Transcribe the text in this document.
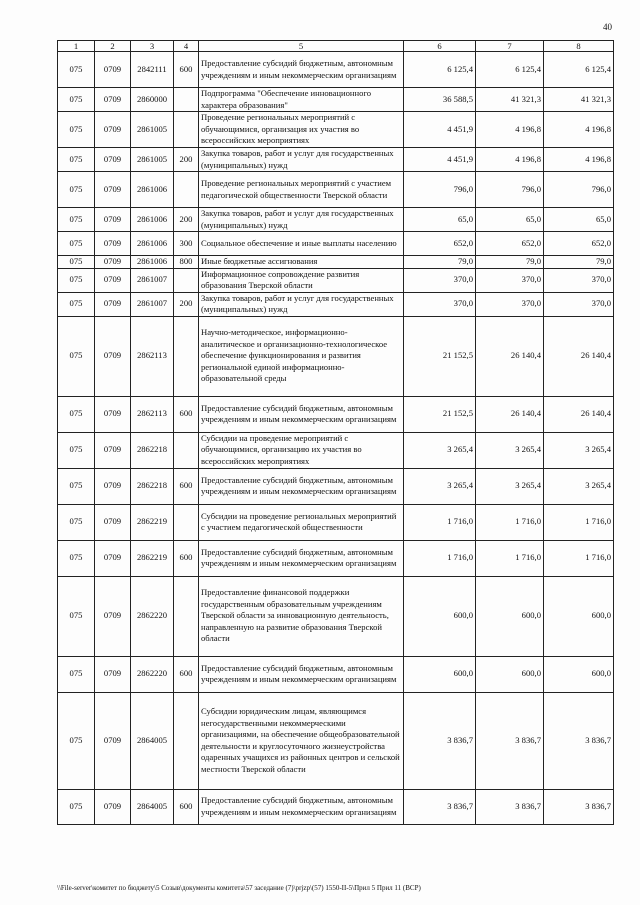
40
1	2	3	4	5	6	7	8
075	0709	2842111	600	Предоставление субсидий бюджетным, автономным учреждениям и иным некоммерческим организациям	6 125,4	6 125,4	6 125,4
075	0709	2860000		Подпрограмма "Обеспечение инновационного характера образования"	36 588,5	41 321,3	41 321,3
075	0709	2861005		Проведение региональных мероприятий с обучающимися, организация их участия во всероссийских мероприятиях	4 451,9	4 196,8	4 196,8
075	0709	2861005	200	Закупка товаров, работ и услуг для государственных (муниципальных) нужд	4 451,9	4 196,8	4 196,8
075	0709	2861006		Проведение региональных мероприятий с участием педагогической общественности Тверской области	796,0	796,0	796,0
075	0709	2861006	200	Закупка товаров, работ и услуг для государственных (муниципальных) нужд	65,0	65,0	65,0
075	0709	2861006	300	Социальное обеспечение и иные выплаты населению	652,0	652,0	652,0
075	0709	2861006	800	Иные бюджетные ассигнования	79,0	79,0	79,0
075	0709	2861007		Информационное сопровождение развития образования Тверской области	370,0	370,0	370,0
075	0709	2861007	200	Закупка товаров, работ и услуг для государственных (муниципальных) нужд	370,0	370,0	370,0
075	0709	2862113		Научно-методическое, информационно-аналитическое и организационно-технологическое обеспечение функционирования и развития региональной единой информационно-образовательной среды	21 152,5	26 140,4	26 140,4
075	0709	2862113	600	Предоставление субсидий бюджетным, автономным учреждениям и иным некоммерческим организациям	21 152,5	26 140,4	26 140,4
075	0709	2862218		Субсидии на проведение мероприятий с обучающимися, организацию их участия во всероссийских мероприятиях	3 265,4	3 265,4	3 265,4
075	0709	2862218	600	Предоставление субсидий бюджетным, автономным учреждениям и иным некоммерческим организациям	3 265,4	3 265,4	3 265,4
075	0709	2862219		Субсидии на проведение региональных мероприятий с участием педагогической общественности	1 716,0	1 716,0	1 716,0
075	0709	2862219	600	Предоставление субсидий бюджетным, автономным учреждениям и иным некоммерческим организациям	1 716,0	1 716,0	1 716,0
075	0709	2862220		Предоставление финансовой поддержки государственным образовательным учреждениям Тверской области за инновационную деятельность, направленную на развитие образования Тверской области	600,0	600,0	600,0
075	0709	2862220	600	Предоставление субсидий бюджетным, автономным учреждениям и иным некоммерческим организациям	600,0	600,0	600,0
075	0709	2864005		Субсидии юридическим лицам, являющимся негосударственными некоммерческими организациями, на обеспечение общеобразовательной деятельности и круглосуточного жизнеустройства одаренных учащихся из районных центров и сельской местности Тверской области	3 836,7	3 836,7	3 836,7
075	0709	2864005	600	Предоставление субсидий бюджетным, автономным учреждениям и иным некоммерческим организациям	3 836,7	3 836,7	3 836,7
\\File-server\комитет по бюджету\5 Созыв\документы комитета\57 заседание (7)\prjzp\(57) 1550-II-5\Прил 5 Прил 11 (ВСР)
